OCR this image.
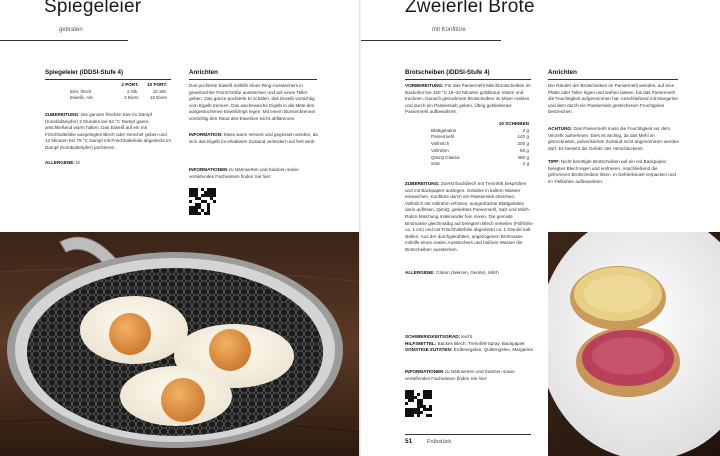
Spiegeleier
gebraten
Spiegeleier (iDDSI-Stufe 4)
	2 PORT.	10 PORT.
Eier, frisch	2 Stk.	10 Stk.
Eiweiß, roh	2 Eiern	10 Eiern
ZUBEREITUNG: Die ganzen frischen Eier im Dampf (Kombidämpfer) 2 Stunden bei 64 °C Dampf garen, anschließend warm halten. Das Eiweiß auf ein mit Frischhaltefolie ausgelegtes Blech oder Geschirr geben und 12 Minuten bei 79 °C Dampf mit Frischhaltefolie abgedeckt im Dampf (Kombidämpfer) pochieren.
ALLERGENE: Ei
Anrichten
Das pochierte Eiweiß mithilfe eines Ring-Ausstechers in gewünschter Form/Größe ausstechen und auf einen Teller geben. Das ganze pochierte Ei schälen, das Eiweiß vorsichtig vom Eigelb trennen. Das wachsweiche Eigelb in die Mitte des ausgestochenen Eiweißrings legen. Mit einem Bunsenbrenner vorsichtig den Rand des Eiweißes leicht abflämmen.
INFORMATION: Muss warm serviert und gegessen werden, da sich das Eigelb im erkalteten Zustand verändert und fest wird!
INFORMATIONEN zu Nährwerten und Kalorien sowie vertiefendes Fachwissen finden Sie hier:
Zweierlei Brote
mit Konfitüre
Brotscheiben (iDDSI-Stufe 4)
VORBEREITUNG: Für das Paniermehl Mischbrotscheiben im Backofen bei 150 °C 15–20 Minuten goldbraun rösten und trocknen. Danach getrocknete Brotscheiben im Mixer mahlen und durch ein Passiersieb geben. Übrig gebliebenes Paniermehl aufbewahren.
	10 SCHEIBEN
Blattgelatine	2 g
Paniermehl	140 g
Vollmilch	200 g
Vollrahm	80 g
QimiQ Classic	380 g
Salz	2 g
ZUBEREITUNG: Zuerst Backblech mit Trennfett besprühen und mit Backpapier auslegen. Gelatine in kaltem Wasser einweichen. Konfitüre durch ein Passiersieb streichen. Vollmilch mit Vollrahm erhitzen, ausgedrückte Blattgelatine darin auflösen. QimiQ, gesiebtes Paniermehl, Salz und Milch-Rahm-Mischung miteinander fein mixen. Die gemixte Brotmasse gleichmäßig auf belegtem Blech verteilen (Füllhöhe ca. 1 cm) und mit Frischhaltefolie abgedeckt ca. 1 Stunde kalt stellen. Aus der durchgekühlten, angezogenen Brotmasse mithilfe eines ovalen Ausstechers und heißem Wasser die Brotscheiben ausstechen.
ALLERGENE: Gluten (Weizen, Gerste), Milch
SCHWIERIGKEITSGRAD: leicht
HILFSMITTEL: Backes Blech, Trennfett-Spray, Backpapier
SONSTIGE ZUTATEN: Erdbeergelee, Quittengelee, Margarine
INFORMATIONEN zu Nährwerten und Kalorien sowie vertiefendes Fachwissen finden Sie hier:
51	Frühstück
Anrichten
Die Ränder der Brotscheiben im Paniermehl wenden, auf eine Platte oder Teller legen und stehen lassen, bis das Paniermehl die Feuchtigkeit aufgenommen hat. Anschließend mit Margarine und dem durch ein Passiersieb gestrichenen Fruchtgelee bestreichen.
ACHTUNG: Das Paniermehl muss die Feuchtigkeit vor dem Verzehr aufnehmen. Dies ist wichtig, da das Mehl im getrockneten, pulverisierten Zustand nicht angenommen werden darf. Es besteht die Gefahr des Verschluckens.
TIPP: Nicht benötigte Brotscheiben auf ein mit Backpapier belegtes Blech legen und einfrieren. Anschließend die gefrorenen Brotscheiben lösen, in Gefrierbeutel verpacken und im Tiefkühler aufbewahren.
